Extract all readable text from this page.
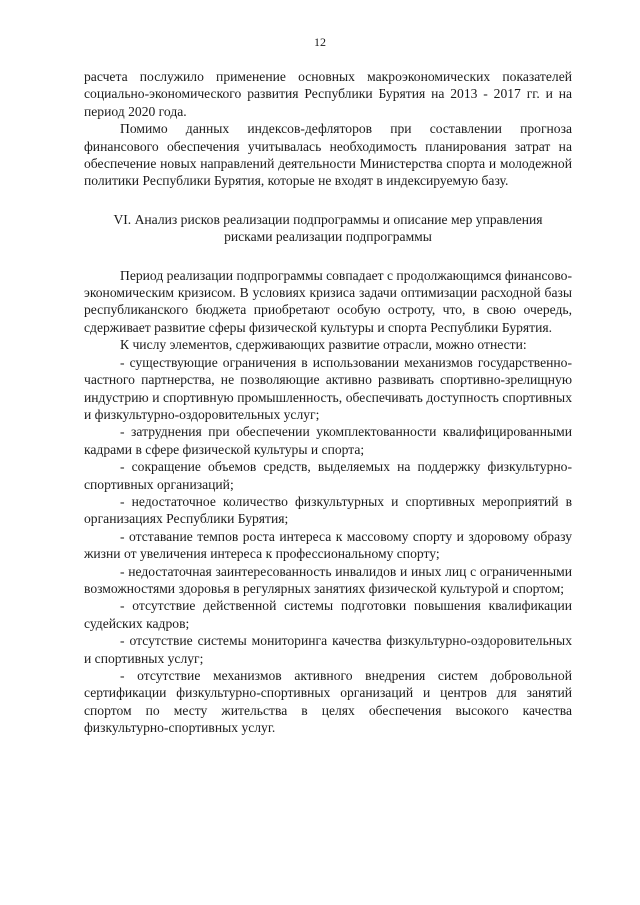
12

расчета послужило применение основных макроэкономических показателей социально-экономического развития Республики Бурятия на 2013 - 2017 гг. и на период 2020 года.

Помимо данных индексов-дефляторов при составлении прогноза финансового обеспечения учитывалась необходимость планирования затрат на обеспечение новых направлений деятельности Министерства спорта и молодежной политики Республики Бурятия, которые не входят в индексируемую базу.

VI. Анализ рисков реализации подпрограммы и описание мер управления рисками реализации подпрограммы

Период реализации подпрограммы совпадает с продолжающимся финансово-экономическим кризисом. В условиях кризиса задачи оптимизации расходной базы республиканского бюджета приобретают особую остроту, что, в свою очередь, сдерживает развитие сферы физической культуры и спорта Республики Бурятия.

К числу элементов, сдерживающих развитие отрасли, можно отнести:

- существующие ограничения в использовании механизмов государственно-частного партнерства, не позволяющие активно развивать спортивно-зрелищную индустрию и спортивную промышленность, обеспечивать доступность спортивных и физкультурно-оздоровительных услуг;

- затруднения при обеспечении укомплектованности квалифицированными кадрами в сфере физической культуры и спорта;

- сокращение объемов средств, выделяемых на поддержку физкультурно-спортивных организаций;

- недостаточное количество физкультурных и спортивных мероприятий в организациях Республики Бурятия;

- отставание темпов роста интереса к массовому спорту и здоровому образу жизни от увеличения интереса к профессиональному спорту;

- недостаточная заинтересованность инвалидов и иных лиц с ограниченными возможностями здоровья в регулярных занятиях физической культурой и спортом;

- отсутствие действенной системы подготовки повышения квалификации судейских кадров;

- отсутствие системы мониторинга качества физкультурно-оздоровительных и спортивных услуг;

- отсутствие механизмов активного внедрения систем добровольной сертификации физкультурно-спортивных организаций и центров для занятий спортом по месту жительства в целях обеспечения высокого качества физкультурно-спортивных услуг.
